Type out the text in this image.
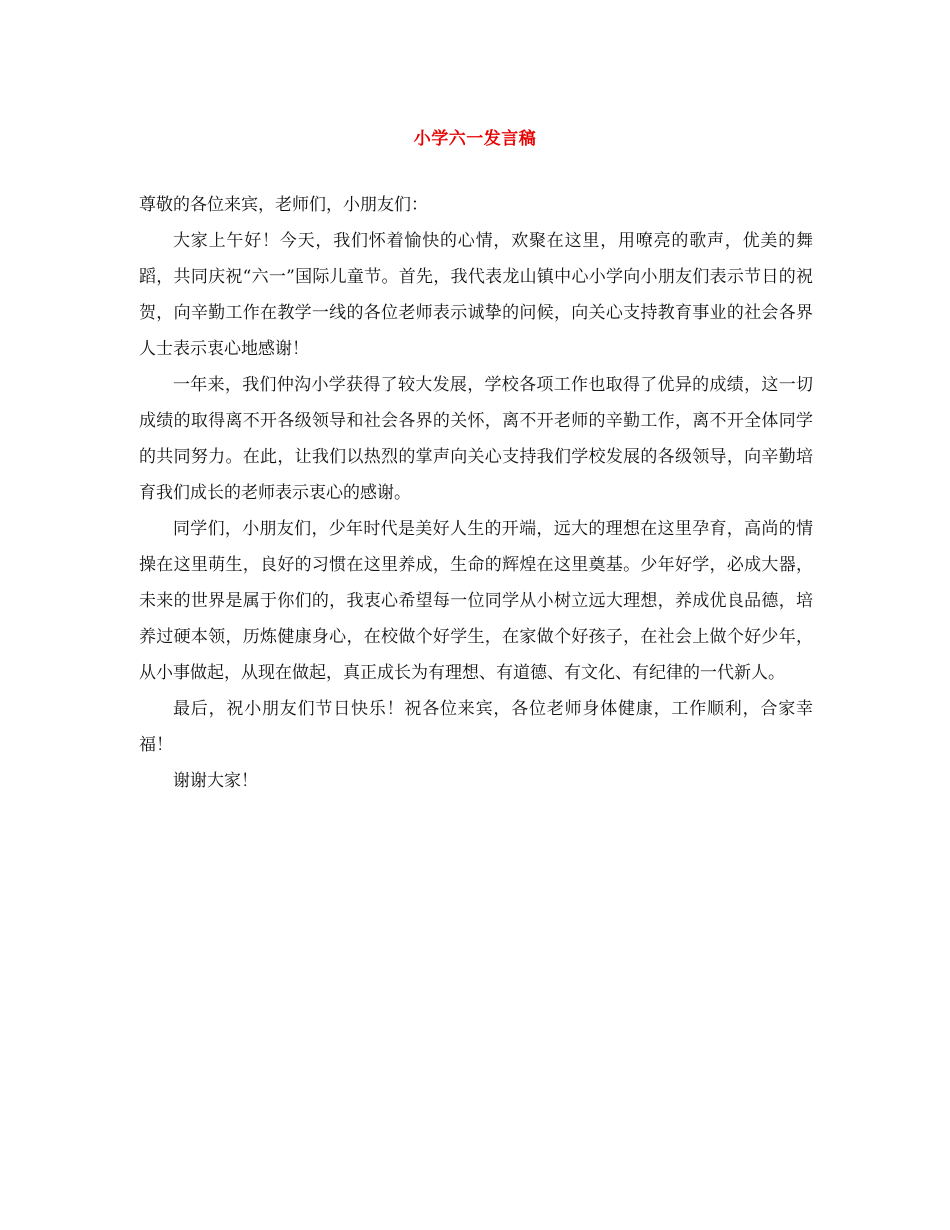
小学六一发言稿

尊敬的各位来宾，老师们，小朋友们：

大家上午好！今天，我们怀着愉快的心情，欢聚在这里，用嘹亮的歌声，优美的舞蹈，共同庆祝“六一”国际儿童节。首先，我代表龙山镇中心小学向小朋友们表示节日的祝贺，向辛勤工作在教学一线的各位老师表示诚挚的问候，向关心支持教育事业的社会各界人士表示衷心地感谢！

一年来，我们仲沟小学获得了较大发展，学校各项工作也取得了优异的成绩，这一切成绩的取得离不开各级领导和社会各界的关怀，离不开老师的辛勤工作，离不开全体同学的共同努力。在此，让我们以热烈的掌声向关心支持我们学校发展的各级领导，向辛勤培育我们成长的老师表示衷心的感谢。

同学们，小朋友们，少年时代是美好人生的开端，远大的理想在这里孕育，高尚的情操在这里萌生，良好的习惯在这里养成，生命的辉煌在这里奠基。少年好学，必成大器，未来的世界是属于你们的，我衷心希望每一位同学从小树立远大理想，养成优良品德，培养过硬本领，历炼健康身心，在校做个好学生，在家做个好孩子，在社会上做个好少年，从小事做起，从现在做起，真正成长为有理想、有道德、有文化、有纪律的一代新人。

最后，祝小朋友们节日快乐！祝各位来宾，各位老师身体健康，工作顺利，合家幸福！

谢谢大家！
